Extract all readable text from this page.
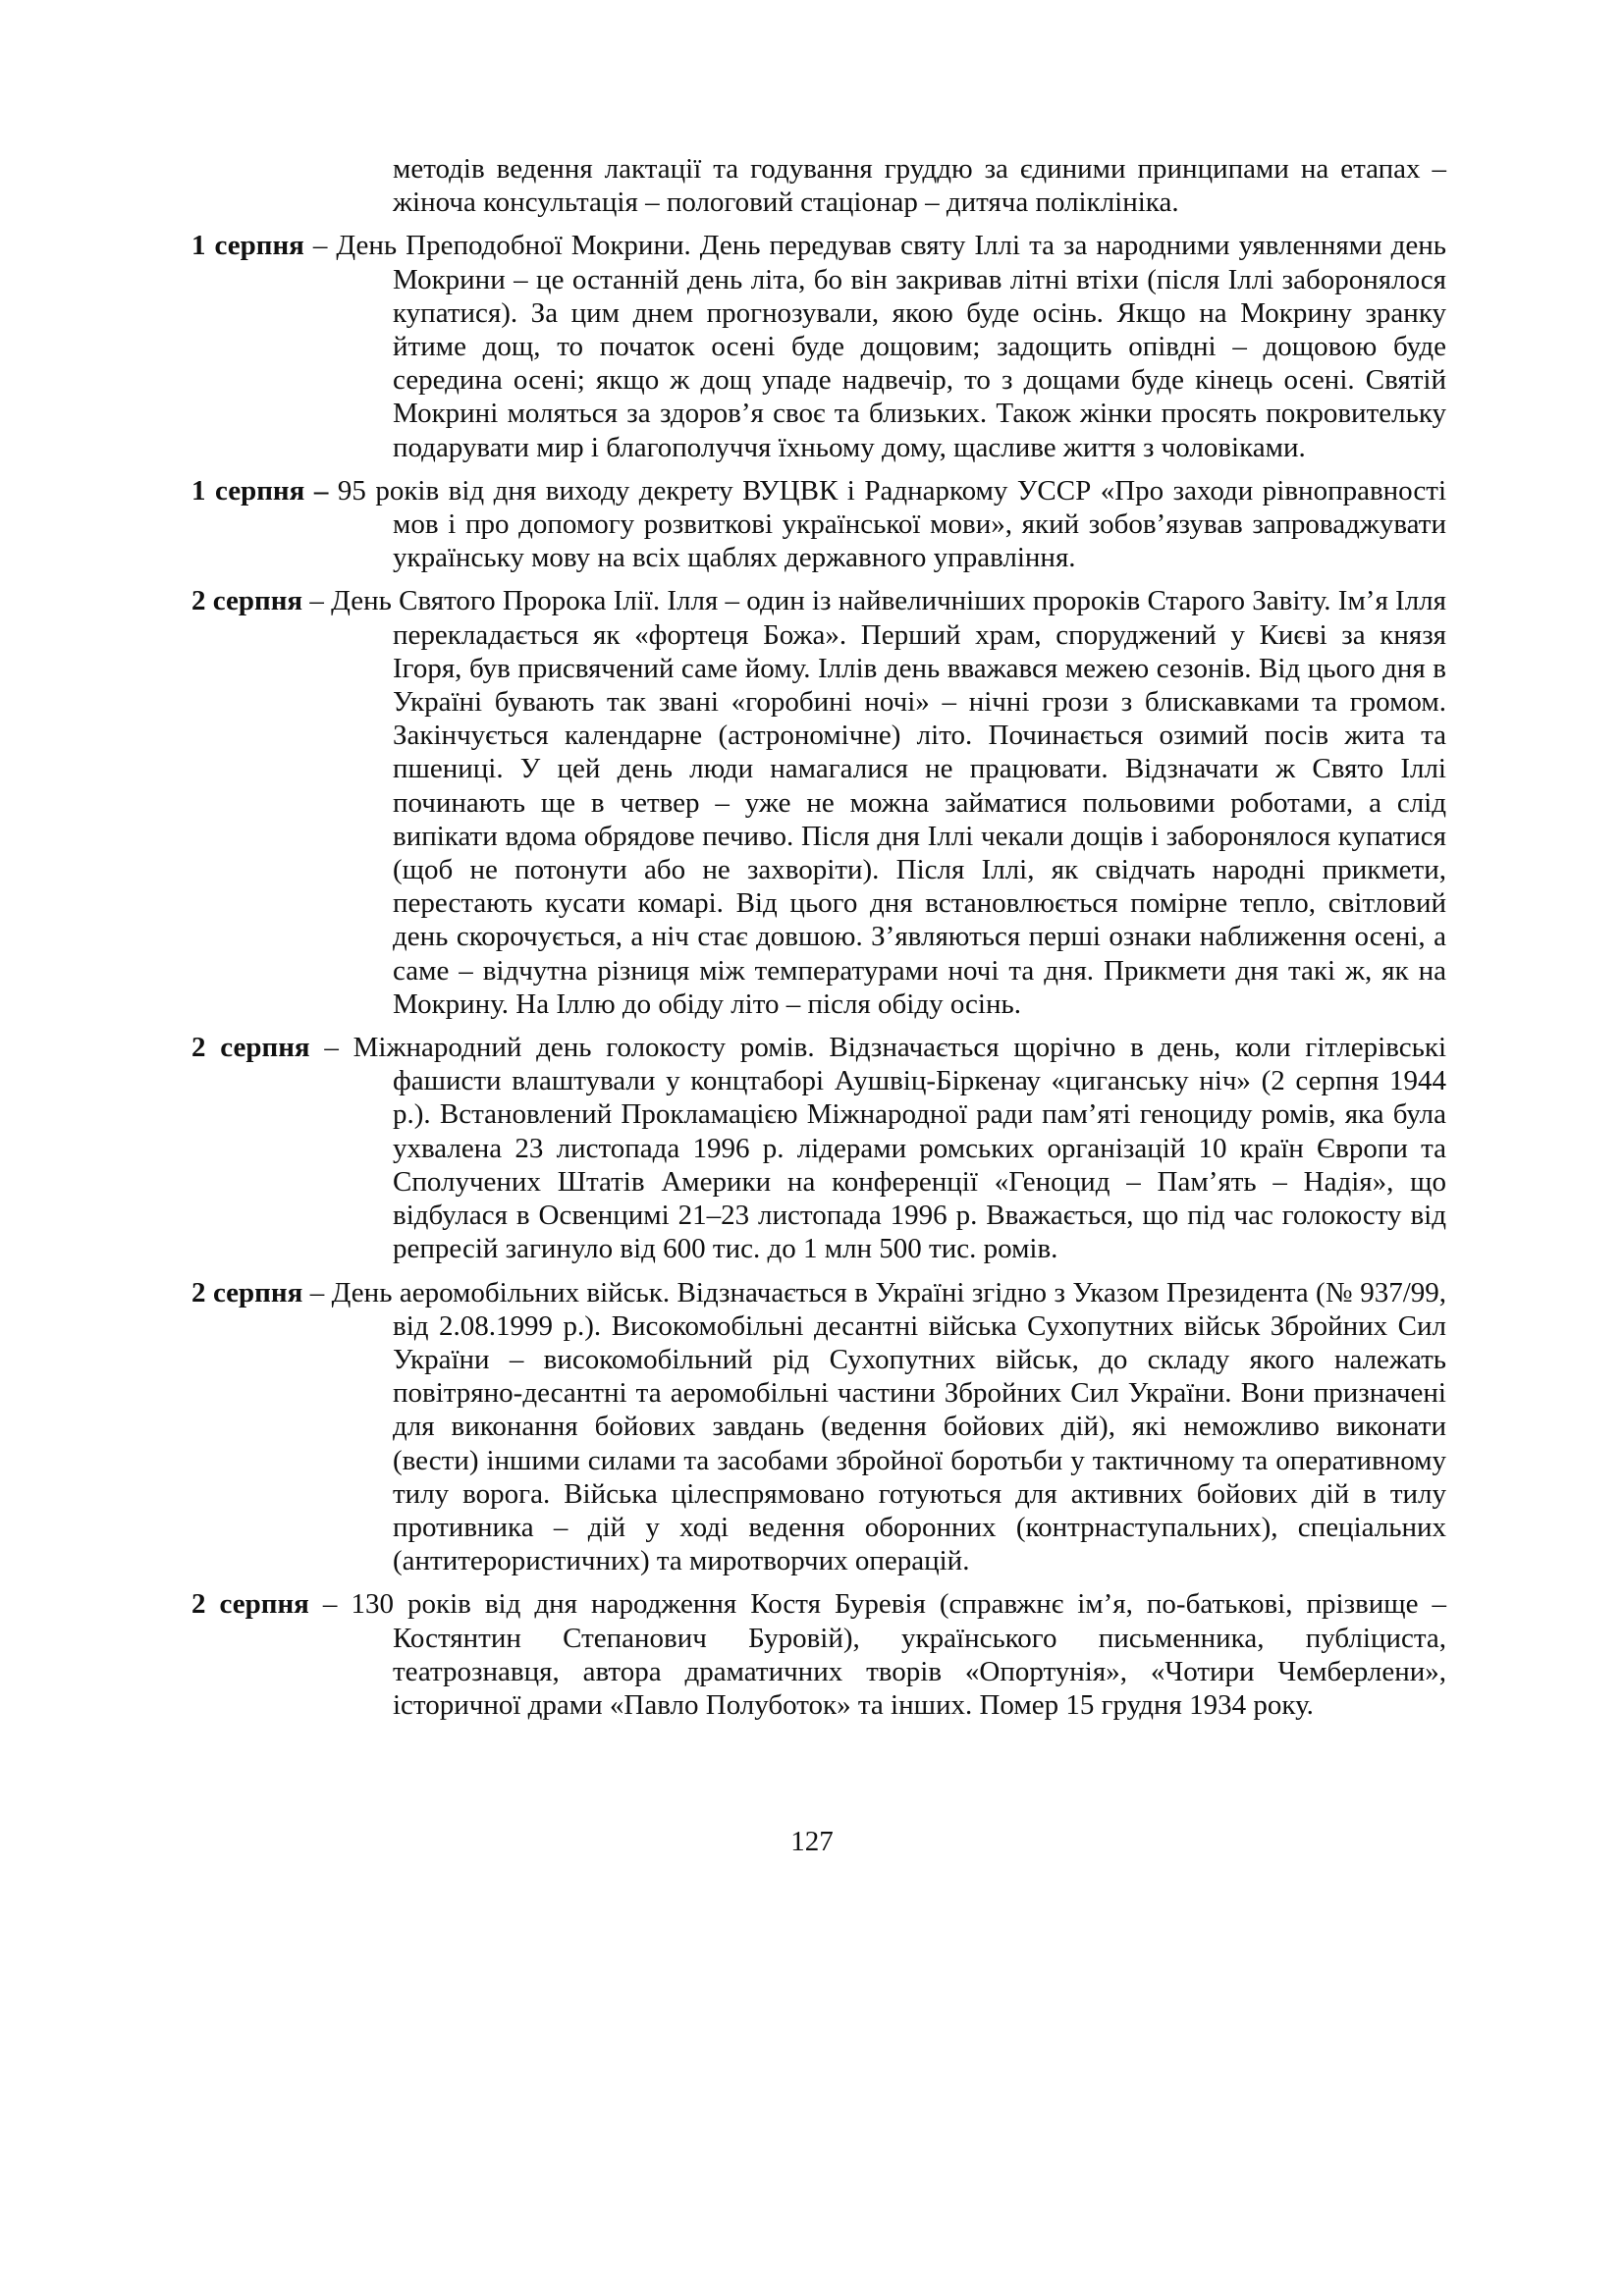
методів ведення лактації та годування груддю за єдиними принципами на етапах – жіноча консультація – пологовий стаціонар – дитяча поліклініка.

1 серпня – День Преподобної Мокрини. День передував святу Іллі та за народними уявленнями день Мокрини – це останній день літа, бо він закривав літні втіхи (після Іллі заборонялося купатися). За цим днем прогнозували, якою буде осінь. Якщо на Мокрину зранку йтиме дощ, то початок осені буде дощовим; задощить опівдні – дощовою буде середина осені; якщо ж дощ упаде надвечір, то з дощами буде кінець осені. Святій Мокрині моляться за здоров’я своє та близьких. Також жінки просять покровительку подарувати мир і благополуччя їхньому дому, щасливе життя з чоловіками.

1 серпня – 95 років від дня виходу декрету ВУЦВК і Раднаркому УССР «Про заходи рівноправності мов і про допомогу розвиткові української мови», який зобов’язував запроваджувати українську мову на всіх щаблях державного управління.

2 серпня – День Святого Пророка Ілії. Ілля – один із найвеличніших пророків Старого Завіту. Ім’я Ілля перекладається як «фортеця Божа». Перший храм, споруджений у Києві за князя Ігоря, був присвячений саме йому. Іллів день вважався межею сезонів. Від цього дня в Україні бувають так звані «горобині ночі» – нічні грози з блискавками та громом. Закінчується календарне (астрономічне) літо. Починається озимий посів жита та пшениці. У цей день люди намагалися не працювати. Відзначати ж Свято Іллі починають ще в четвер – уже не можна займатися польовими роботами, а слід випікати вдома обрядове печиво. Після дня Іллі чекали дощів і заборонялося купатися (щоб не потонути або не захворіти). Після Іллі, як свідчать народні прикмети, перестають кусати комарі. Від цього дня встановлюється помірне тепло, світловий день скорочується, а ніч стає довшою. З’являються перші ознаки наближення осені, а саме – відчутна різниця між температурами ночі та дня. Прикмети дня такі ж, як на Мокрину. На Іллю до обіду літо – після обіду осінь.

2 серпня – Міжнародний день голокосту ромів. Відзначається щорічно в день, коли гітлерівські фашисти влаштували у концтаборі Аушвіц-Біркенау «циганську ніч» (2 серпня 1944 р.). Встановлений Прокламацією Міжнародної ради пам’яті геноциду ромів, яка була ухвалена 23 листопада 1996 р. лідерами ромських організацій 10 країн Європи та Сполучених Штатів Америки на конференції «Геноцид – Пам’ять – Надія», що відбулася в Освенцимі 21–23 листопада 1996 р. Вважається, що під час голокосту від репресій загинуло від 600 тис. до 1 млн 500 тис. ромів.

2 серпня – День аеромобільних військ. Відзначається в Україні згідно з Указом Президента (№ 937/99, від 2.08.1999 р.). Високомобільні десантні війська Сухопутних військ Збройних Сил України – високомобільний рід Сухопутних військ, до складу якого належать повітряно-десантні та аеромобільні частини Збройних Сил України. Вони призначені для виконання бойових завдань (ведення бойових дій), які неможливо виконати (вести) іншими силами та засобами збройної боротьби у тактичному та оперативному тилу ворога. Війська цілеспрямовано готуються для активних бойових дій в тилу противника – дій у ході ведення оборонних (контрнаступальних), спеціальних (антитерористичних) та миротворчих операцій.

2 серпня – 130 років від дня народження Костя Буревія (справжнє ім’я, по-батькові, прізвище – Костянтин Степанович Буровій), українського письменника, публіциста, театрознавця, автора драматичних творів «Опортунія», «Чотири Чемберлени», історичної драми «Павло Полуботок» та інших. Помер 15 грудня 1934 року.

127
